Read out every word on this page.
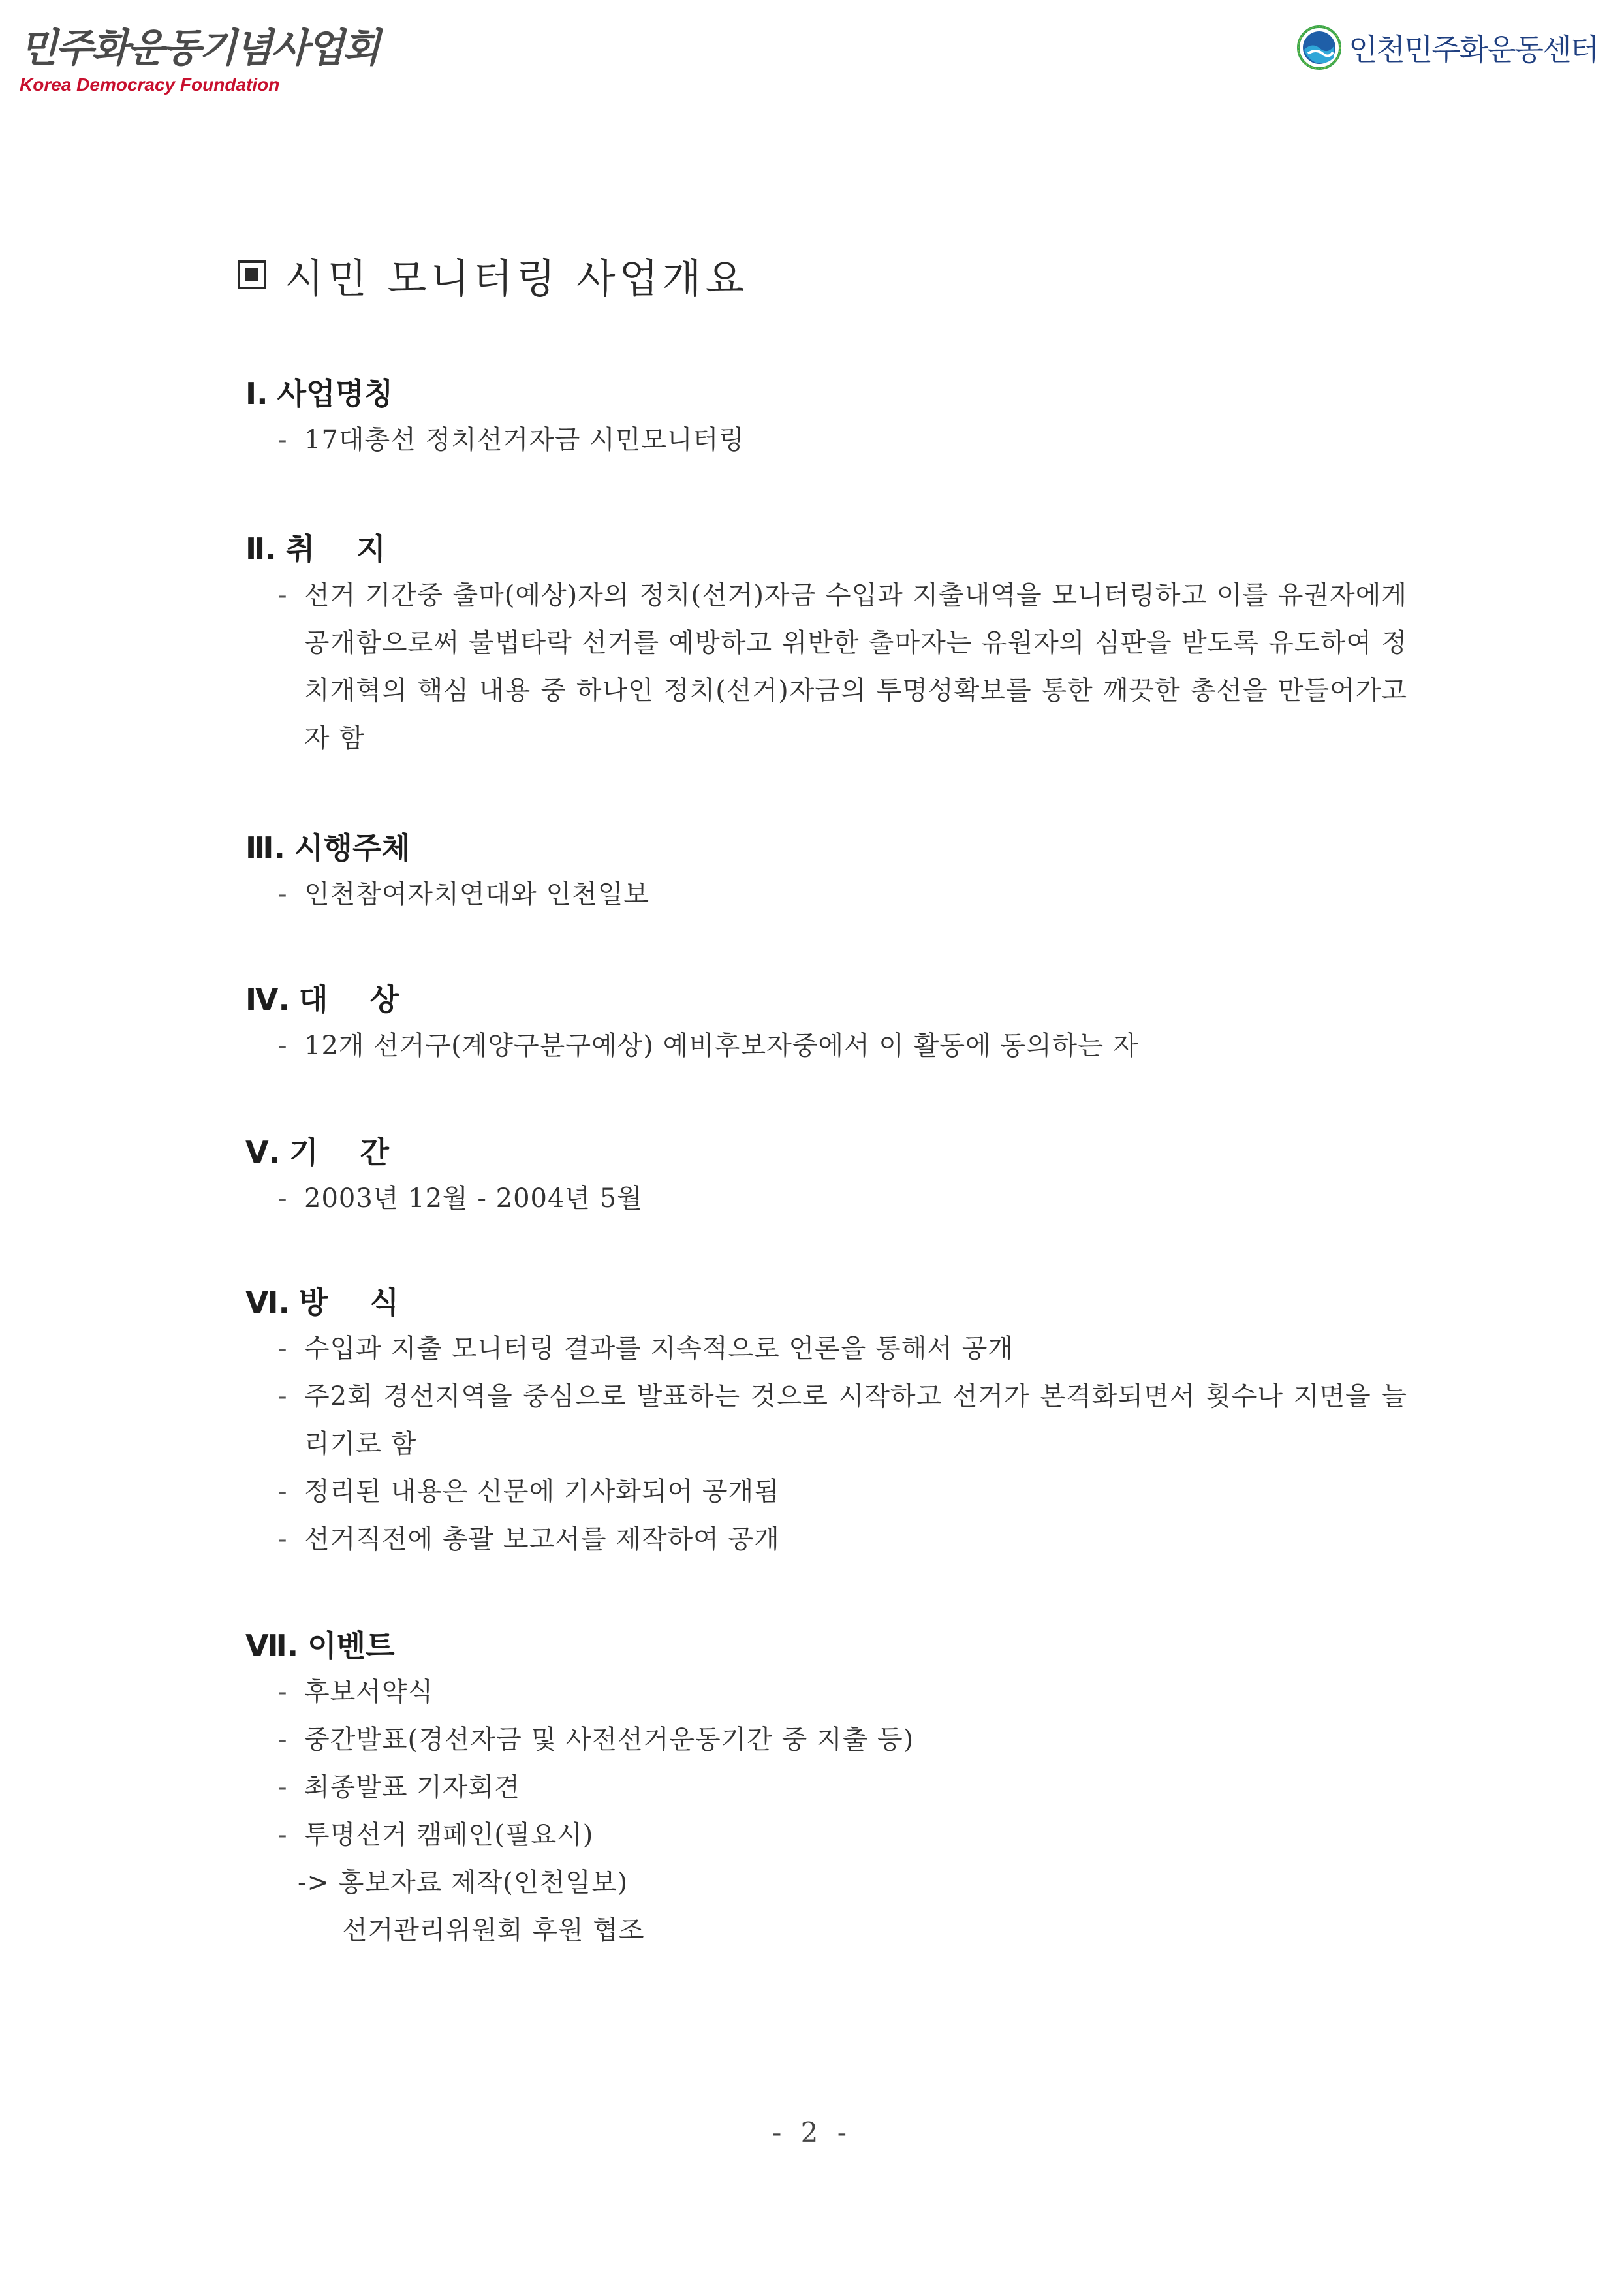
민주화운동기념사업회
Korea Democracy Foundation
인천민주화운동센터
시민 모니터링 사업개요
Ⅰ. 사업명칭
- 17대총선 정치선거자금 시민모니터링
Ⅱ. 취    지
- 선거 기간중 출마(예상)자의 정치(선거)자금 수입과 지출내역을 모니터링하고 이를 유권자에게 공개함으로써 불법타락 선거를 예방하고 위반한 출마자는 유원자의 심판을 받도록 유도하여 정치개혁의 핵심 내용 중 하나인 정치(선거)자금의 투명성확보를 통한 깨끗한 총선을 만들어가고자 함
Ⅲ. 시행주체
- 인천참여자치연대와 인천일보
Ⅳ. 대    상
- 12개 선거구(계양구분구예상) 예비후보자중에서 이 활동에 동의하는 자
Ⅴ. 기    간
- 2003년 12월 - 2004년 5월
Ⅵ. 방    식
- 수입과 지출 모니터링 결과를 지속적으로 언론을 통해서 공개
- 주2회 경선지역을 중심으로 발표하는 것으로 시작하고 선거가 본격화되면서 횟수나 지면을 늘리기로 함
- 정리된 내용은 신문에 기사화되어 공개됨
- 선거직전에 총괄 보고서를 제작하여 공개
Ⅶ. 이벤트
- 후보서약식
- 중간발표(경선자금 및 사전선거운동기간 중 지출 등)
- 최종발표 기자회견
- 투명선거 캠페인(필요시)
-> 홍보자료 제작(인천일보)
선거관리위원회 후원 협조
- 2 -
